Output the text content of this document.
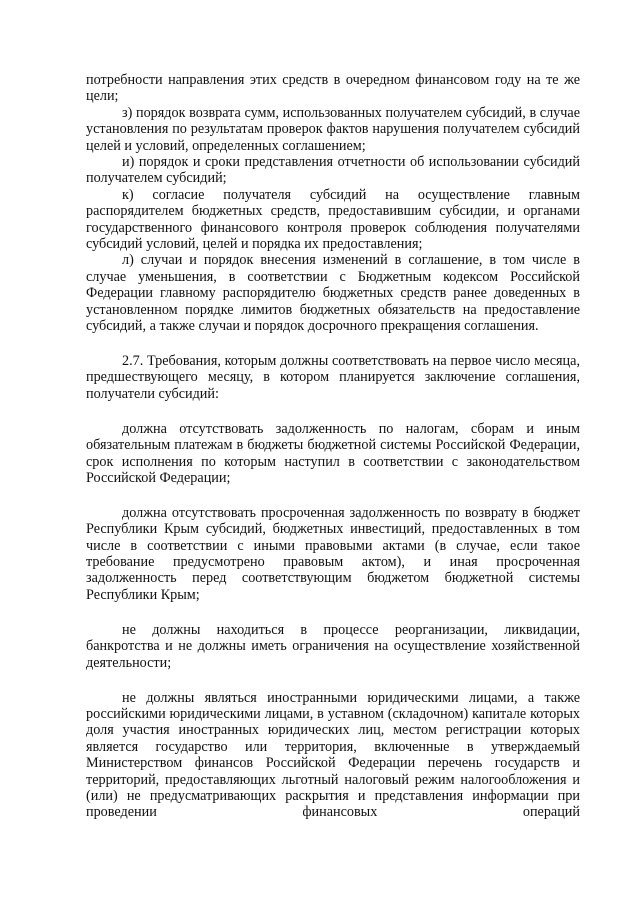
потребности направления этих средств в очередном финансовом году на те же цели;

з) порядок возврата сумм, использованных получателем субсидий, в случае установления по результатам проверок фактов нарушения получателем субсидий целей и условий, определенных соглашением;

и) порядок и сроки представления отчетности об использовании субсидий получателем субсидий;

к) согласие получателя субсидий на осуществление главным распорядителем бюджетных средств, предоставившим субсидии, и органами государственного финансового контроля проверок соблюдения получателями субсидий условий, целей и порядка их предоставления;

л) случаи и порядок внесения изменений в соглашение, в том числе в случае уменьшения, в соответствии с Бюджетным кодексом Российской Федерации главному распорядителю бюджетных средств ранее доведенных в установленном порядке лимитов бюджетных обязательств на предоставление субсидий, а также случаи и порядок досрочного прекращения соглашения.

2.7. Требования, которым должны соответствовать на первое число месяца, предшествующего месяцу, в котором планируется заключение соглашения, получатели субсидий:

должна отсутствовать задолженность по налогам, сборам и иным обязательным платежам в бюджеты бюджетной системы Российской Федерации, срок исполнения по которым наступил в соответствии с законодательством Российской Федерации;

должна отсутствовать просроченная задолженность по возврату в бюджет Республики Крым субсидий, бюджетных инвестиций, предоставленных в том числе в соответствии с иными правовыми актами (в случае, если такое требование предусмотрено правовым актом), и иная просроченная задолженность перед соответствующим бюджетом бюджетной системы Республики Крым;

не должны находиться в процессе реорганизации, ликвидации, банкротства и не должны иметь ограничения на осуществление хозяйственной деятельности;

не должны являться иностранными юридическими лицами, а также российскими юридическими лицами, в уставном (складочном) капитале которых доля участия иностранных юридических лиц, местом регистрации которых является государство или территория, включенные в утверждаемый Министерством финансов Российской Федерации перечень государств и территорий, предоставляющих льготный налоговый режим налогообложения и (или) не предусматривающих раскрытия и представления информации при проведении финансовых операций
